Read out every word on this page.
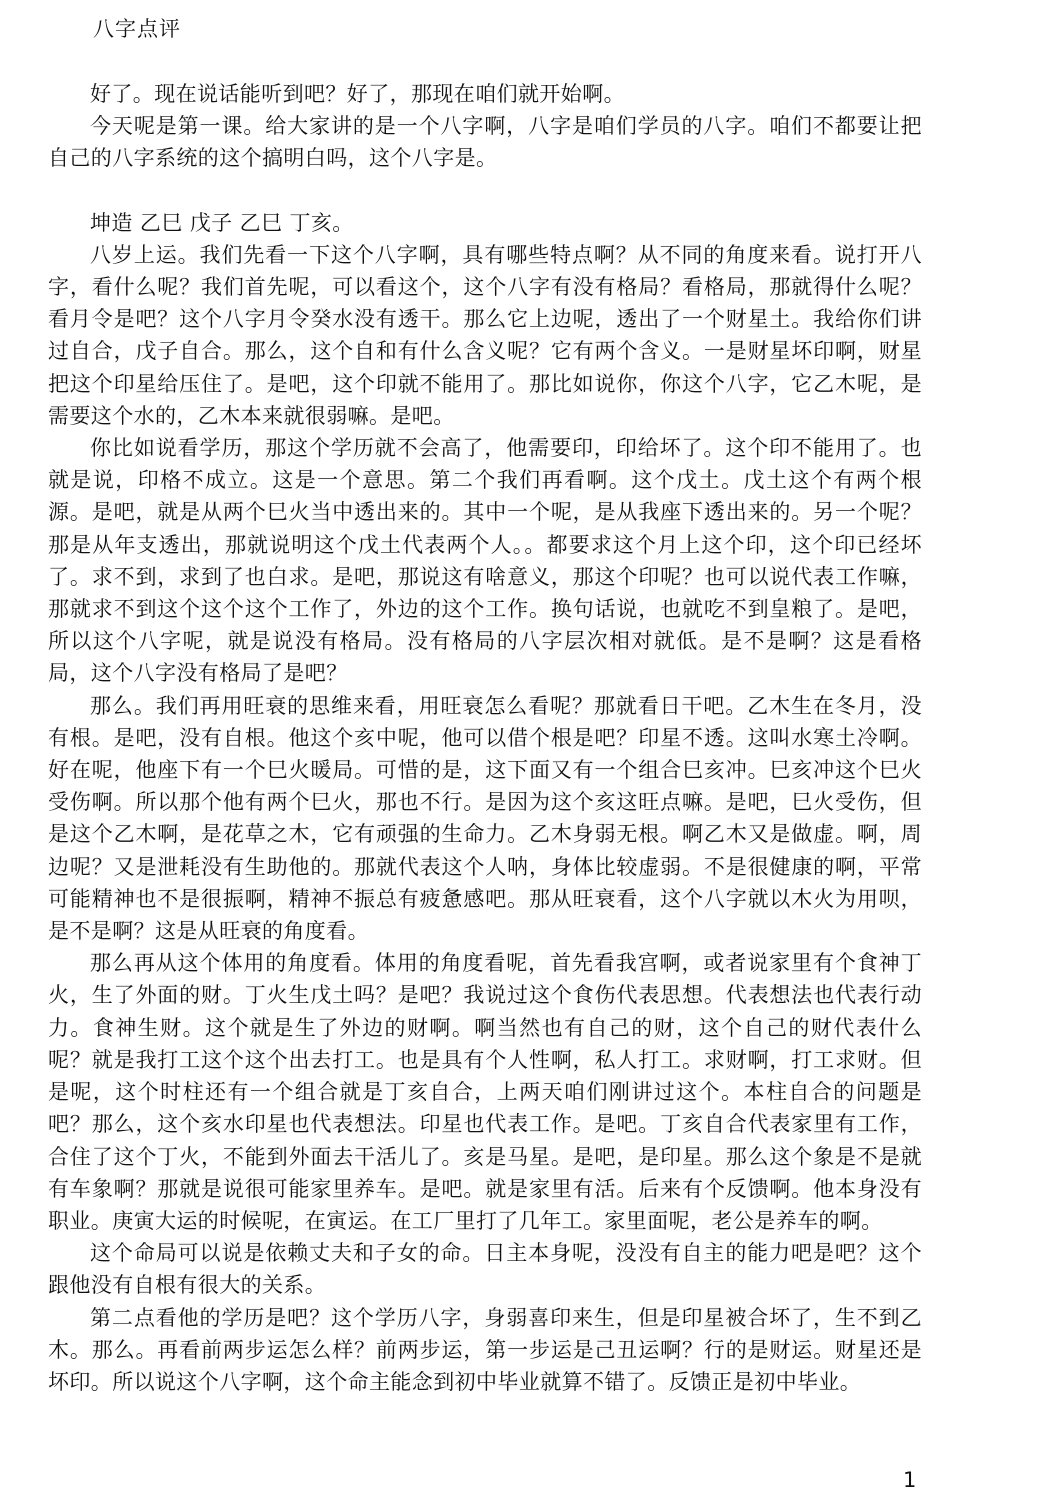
八字点评

好了。现在说话能听到吧？好了，那现在咱们就开始啊。

今天呢是第一课。给大家讲的是一个八字啊，八字是咱们学员的八字。咱们不都要让把自己的八字系统的这个搞明白吗，这个八字是。

坤造 乙巳 戊子 乙巳 丁亥。

八岁上运。我们先看一下这个八字啊，具有哪些特点啊？从不同的角度来看。说打开八字，看什么呢？我们首先呢，可以看这个，这个八字有没有格局？看格局，那就得什么呢？看月令是吧？这个八字月令癸水没有透干。那么它上边呢，透出了一个财星土。我给你们讲过自合，戊子自合。那么，这个自和有什么含义呢？它有两个含义。一是财星坏印啊，财星把这个印星给压住了。是吧，这个印就不能用了。那比如说你，你这个八字，它乙木呢，是需要这个水的，乙木本来就很弱嘛。是吧。

你比如说看学历，那这个学历就不会高了，他需要印，印给坏了。这个印不能用了。也就是说，印格不成立。这是一个意思。第二个我们再看啊。这个戊土。戊土这个有两个根源。是吧，就是从两个巳火当中透出来的。其中一个呢，是从我座下透出来的。另一个呢？那是从年支透出，那就说明这个戊土代表两个人。。都要求这个月上这个印，这个印已经坏了。求不到，求到了也白求。是吧，那说这有啥意义，那这个印呢？也可以说代表工作嘛，那就求不到这个这个这个工作了，外边的这个工作。换句话说，也就吃不到皇粮了。是吧，所以这个八字呢，就是说没有格局。没有格局的八字层次相对就低。是不是啊？这是看格局，这个八字没有格局了是吧？

那么。我们再用旺衰的思维来看，用旺衰怎么看呢？那就看日干吧。乙木生在冬月，没有根。是吧，没有自根。他这个亥中呢，他可以借个根是吧？印星不透。这叫水寒土冷啊。好在呢，他座下有一个巳火暖局。可惜的是，这下面又有一个组合巳亥冲。巳亥冲这个巳火受伤啊。所以那个他有两个巳火，那也不行。是因为这个亥这旺点嘛。是吧，巳火受伤，但是这个乙木啊，是花草之木，它有顽强的生命力。乙木身弱无根。啊乙木又是做虚。啊，周边呢？又是泄耗没有生助他的。那就代表这个人呐，身体比较虚弱。不是很健康的啊，平常可能精神也不是很振啊，精神不振总有疲惫感吧。那从旺衰看，这个八字就以木火为用呗，是不是啊？这是从旺衰的角度看。

那么再从这个体用的角度看。体用的角度看呢，首先看我宫啊，或者说家里有个食神丁火，生了外面的财。丁火生戊土吗？是吧？我说过这个食伤代表思想。代表想法也代表行动力。食神生财。这个就是生了外边的财啊。啊当然也有自己的财，这个自己的财代表什么呢？就是我打工这个这个出去打工。也是具有个人性啊，私人打工。求财啊，打工求财。但是呢，这个时柱还有一个组合就是丁亥自合，上两天咱们刚讲过这个。本柱自合的问题是吧？那么，这个亥水印星也代表想法。印星也代表工作。是吧。丁亥自合代表家里有工作，合住了这个丁火，不能到外面去干活儿了。亥是马星。是吧，是印星。那么这个象是不是就有车象啊？那就是说很可能家里养车。是吧。就是家里有活。后来有个反馈啊。他本身没有职业。庚寅大运的时候呢，在寅运。在工厂里打了几年工。家里面呢，老公是养车的啊。

这个命局可以说是依赖丈夫和子女的命。日主本身呢，没没有自主的能力吧是吧？这个跟他没有自根有很大的关系。

第二点看他的学历是吧？这个学历八字，身弱喜印来生，但是印星被合坏了，生不到乙木。那么。再看前两步运怎么样？前两步运，第一步运是己丑运啊？行的是财运。财星还是坏印。所以说这个八字啊，这个命主能念到初中毕业就算不错了。反馈正是初中毕业。

1
